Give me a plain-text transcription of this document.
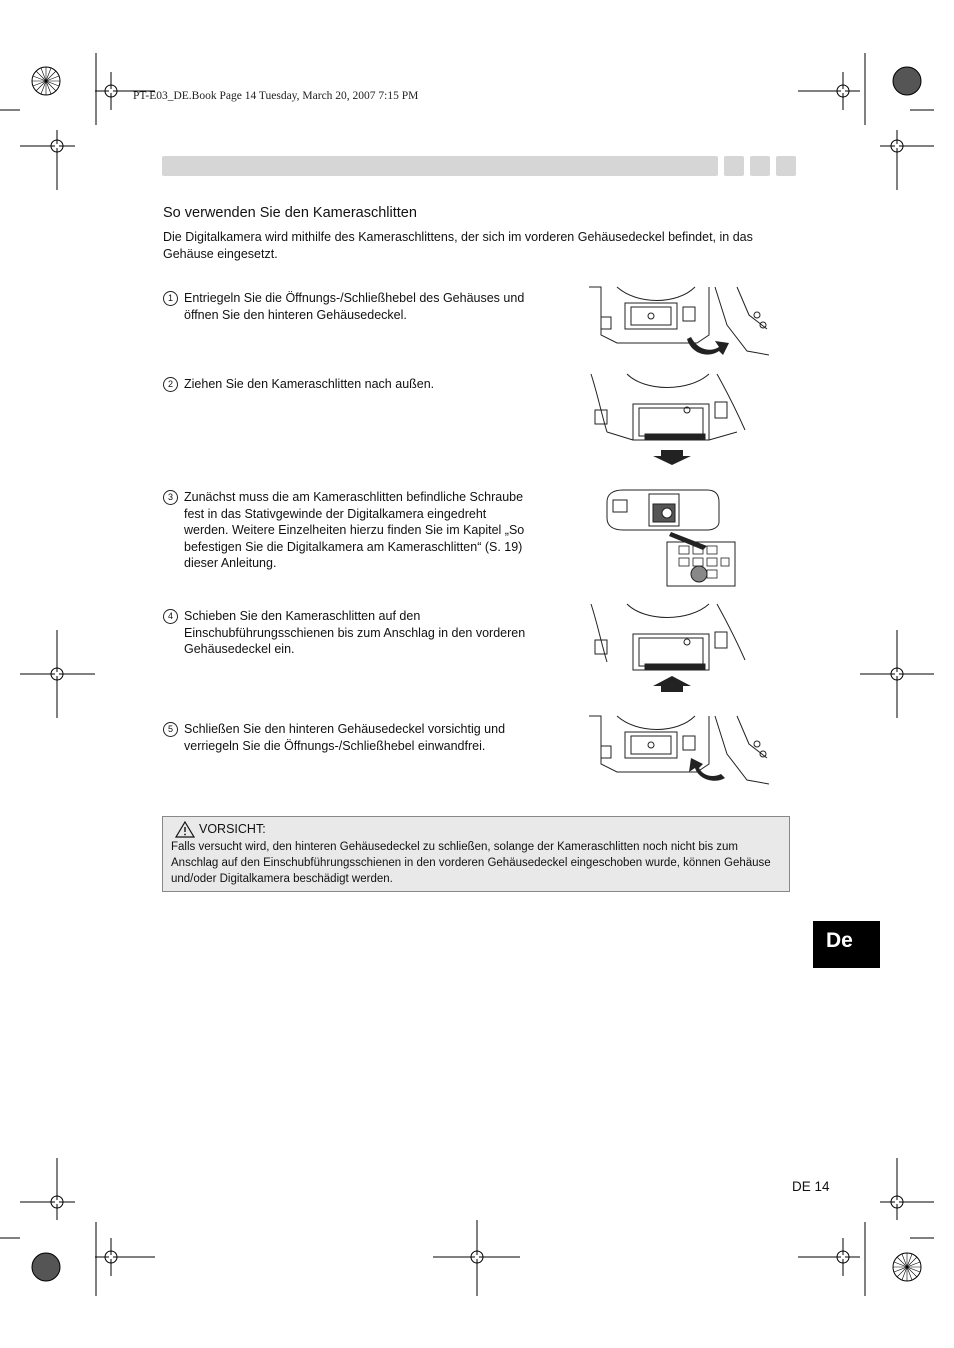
PT-E03_DE.Book Page 14 Tuesday, March 20, 2007 7:15 PM
So verwenden Sie den Kameraschlitten
Die Digitalkamera wird mithilfe des Kameraschlittens, der sich im vorderen Gehäusedeckel befindet, in das Gehäuse eingesetzt.
1 Entriegeln Sie die Öffnungs-/Schließhebel des Gehäuses und öffnen Sie den hinteren Gehäusedeckel.
2 Ziehen Sie den Kameraschlitten nach außen.
3 Zunächst muss die am Kameraschlitten befindliche Schraube fest in das Stativgewinde der Digitalkamera eingedreht werden. Weitere Einzelheiten hierzu finden Sie im Kapitel „So befestigen Sie die Digitalkamera am Kameraschlitten“ (S. 19) dieser Anleitung.
4 Schieben Sie den Kameraschlitten auf den Einschubführungsschienen bis zum Anschlag in den vorderen Gehäusedeckel ein.
5 Schließen Sie den hinteren Gehäusedeckel vorsichtig und verriegeln Sie die Öffnungs-/Schließhebel einwandfrei.
VORSICHT:
Falls versucht wird, den hinteren Gehäusedeckel zu schließen, solange der Kameraschlitten noch nicht bis zum Anschlag auf den Einschubführungsschienen in den vorderen Gehäusedeckel eingeschoben wurde, können Gehäuse und/oder Digitalkamera beschädigt werden.
De
DE 14
